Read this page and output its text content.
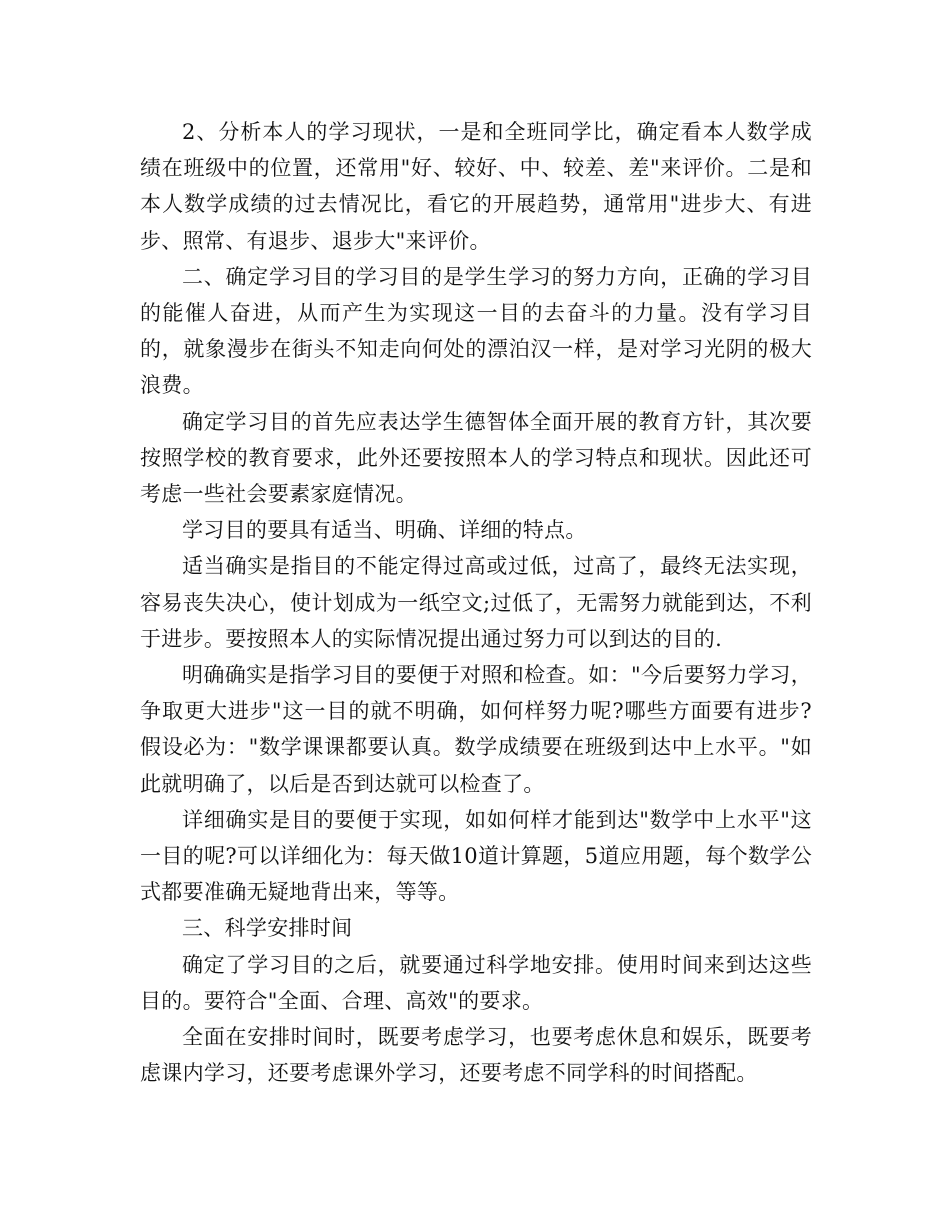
2、分析本人的学习现状，一是和全班同学比，确定看本人数学成绩在班级中的位置，还常用"好、较好、中、较差、差"来评价。二是和本人数学成绩的过去情况比，看它的开展趋势，通常用"进步大、有进步、照常、有退步、退步大"来评价。

二、确定学习目的学习目的是学生学习的努力方向，正确的学习目的能催人奋进，从而产生为实现这一目的去奋斗的力量。没有学习目的，就象漫步在街头不知走向何处的漂泊汉一样，是对学习光阴的极大浪费。

确定学习目的首先应表达学生德智体全面开展的教育方针，其次要按照学校的教育要求，此外还要按照本人的学习特点和现状。因此还可考虑一些社会要素家庭情况。

学习目的要具有适当、明确、详细的特点。

适当确实是指目的不能定得过高或过低，过高了，最终无法实现，容易丧失决心，使计划成为一纸空文;过低了，无需努力就能到达，不利于进步。要按照本人的实际情况提出通过努力可以到达的目的.

明确确实是指学习目的要便于对照和检查。如："今后要努力学习，争取更大进步"这一目的就不明确，如何样努力呢?哪些方面要有进步?假设必为："数学课课都要认真。数学成绩要在班级到达中上水平。"如此就明确了，以后是否到达就可以检查了。

详细确实是目的要便于实现，如如何样才能到达"数学中上水平"这一目的呢?可以详细化为：每天做10道计算题，5道应用题，每个数学公式都要准确无疑地背出来，等等。

三、科学安排时间

确定了学习目的之后，就要通过科学地安排。使用时间来到达这些目的。要符合"全面、合理、高效"的要求。

全面在安排时间时，既要考虑学习，也要考虑休息和娱乐，既要考虑课内学习，还要考虑课外学习，还要考虑不同学科的时间搭配。
